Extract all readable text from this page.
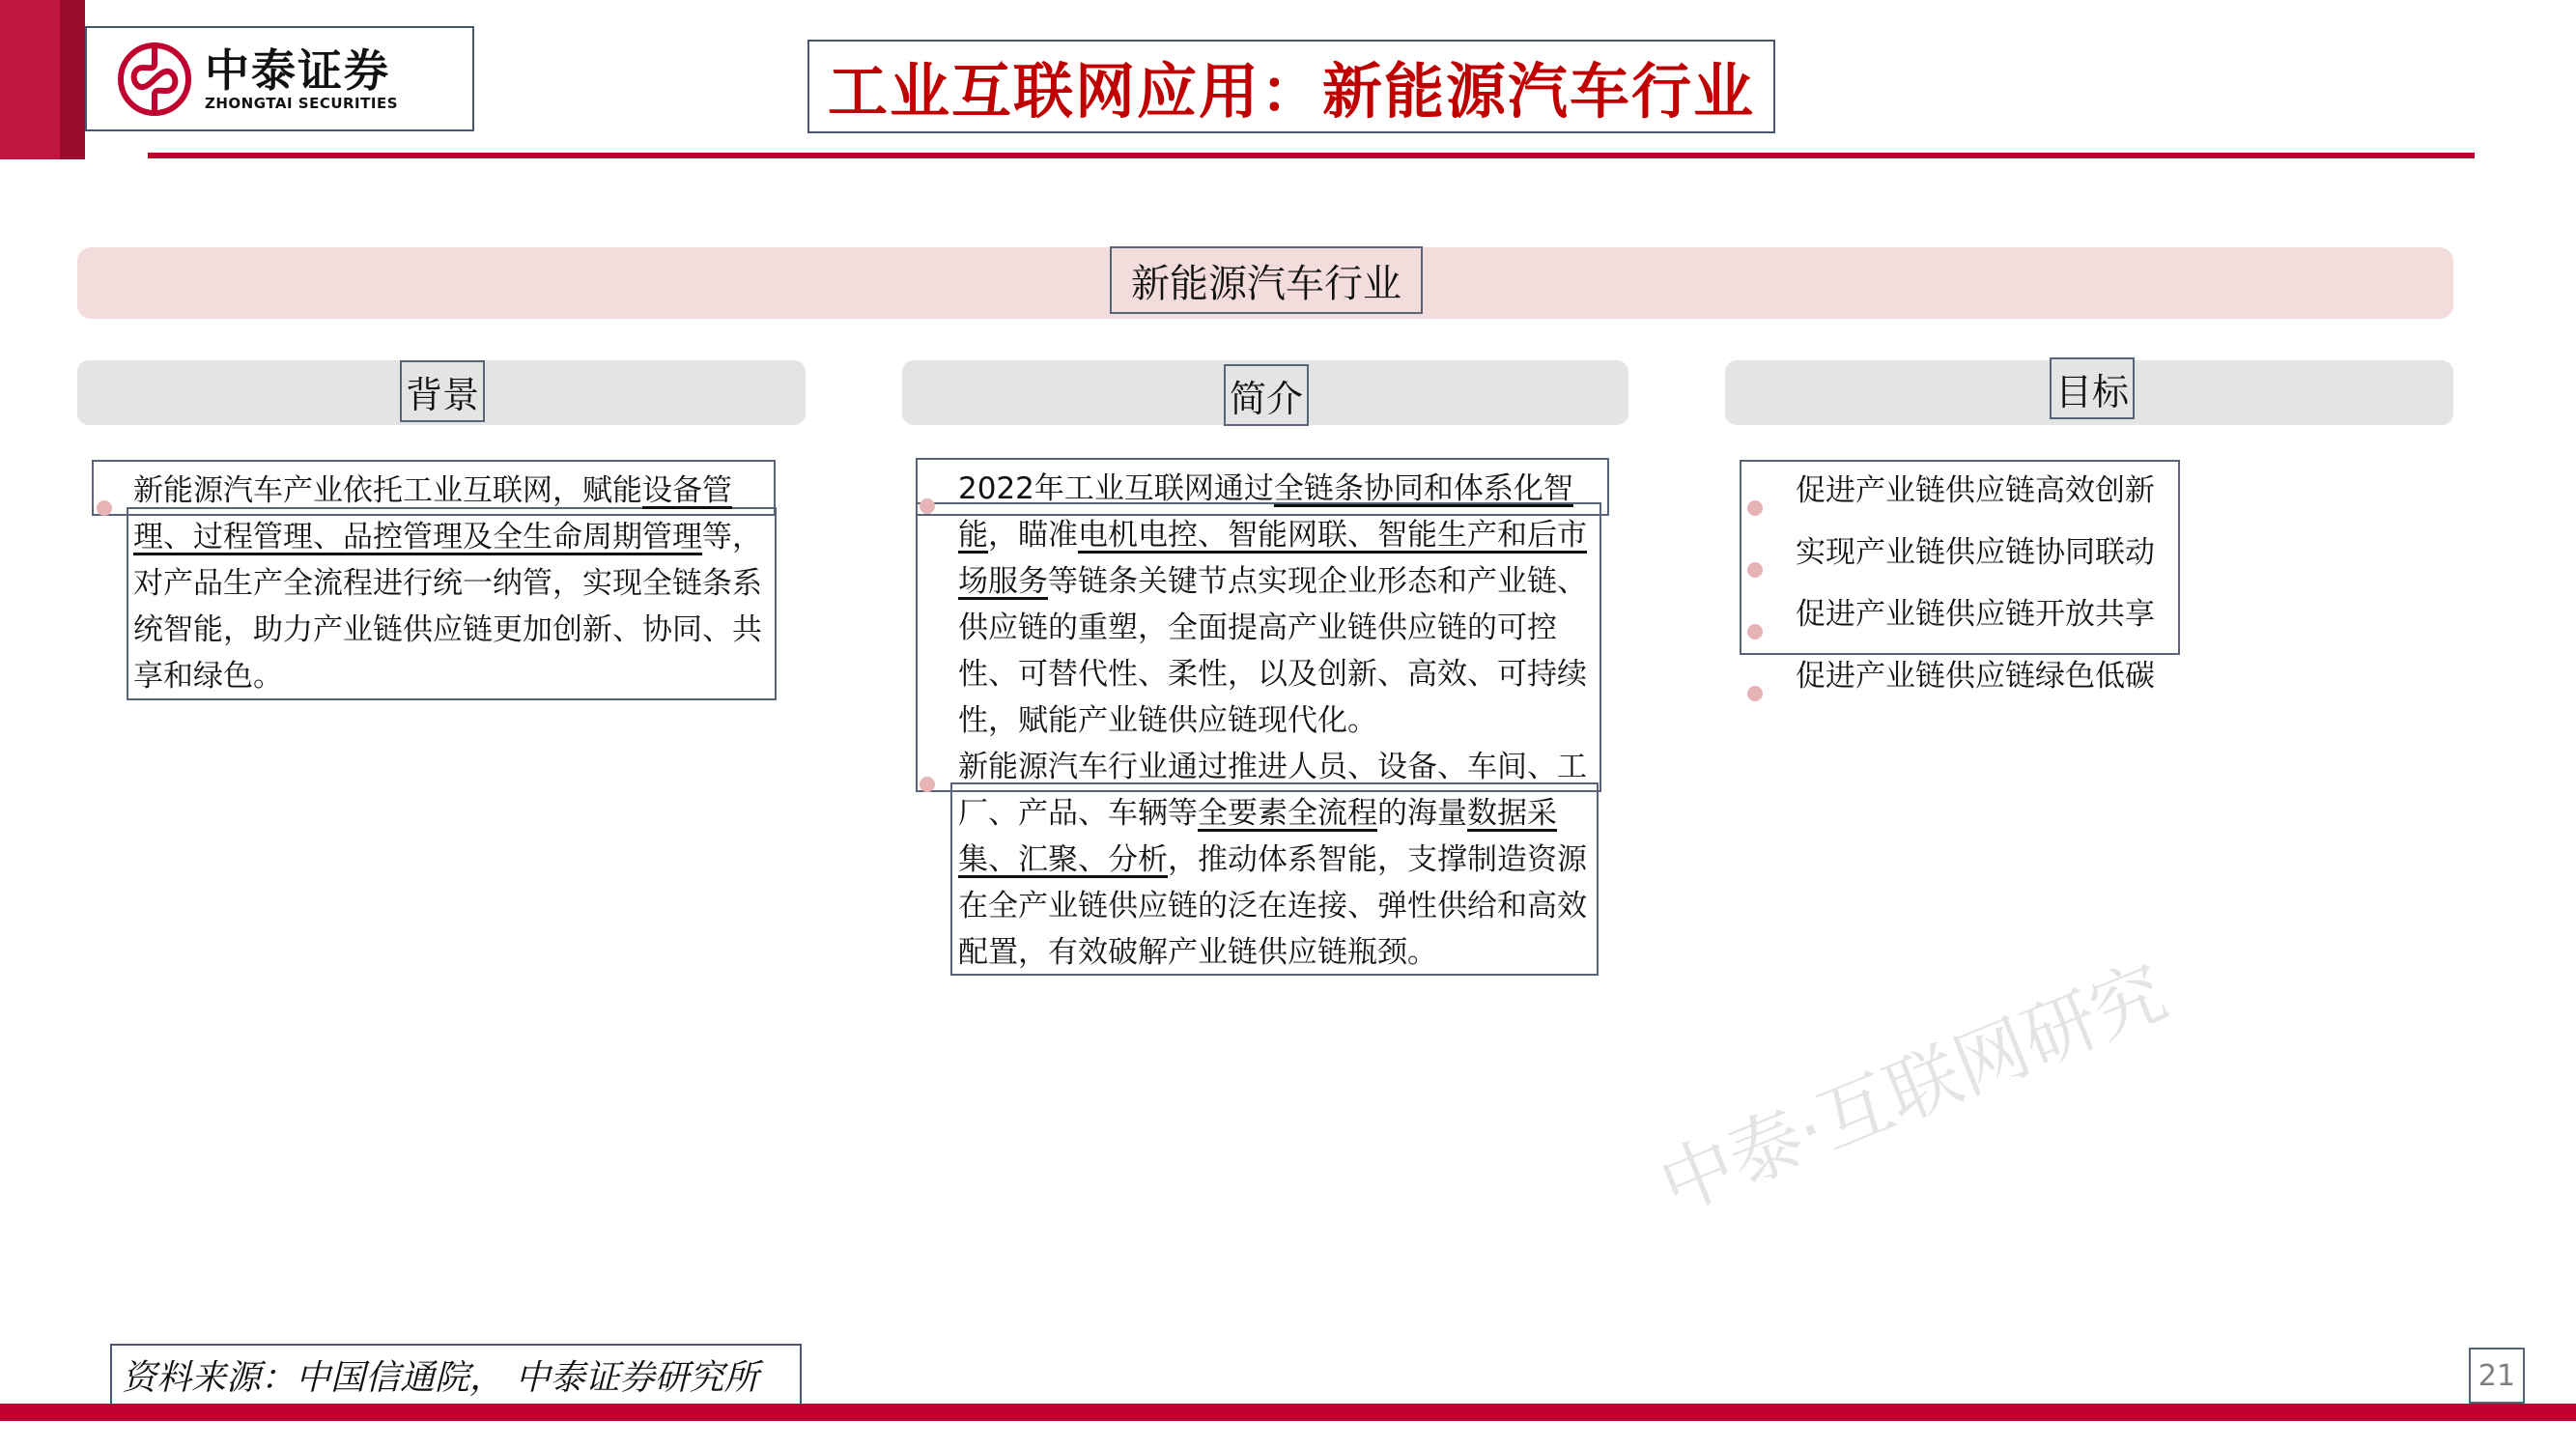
中泰证券
ZHONGTAI SECURITIES	工业互联网应用：新能源汽车行业
新能源汽车行业
背景	简介	目标
新能源汽车产业依托工业互联网，赋能设备管理、过程管理、品控管理及全生命周期管理等，对产品生产全流程进行统一纳管，实现全链条系统智能，助力产业链供应链更加创新、协同、共享和绿色。
2022年工业互联网通过全链条协同和体系化智能，瞄准电机电控、智能网联、智能生产和后市场服务等链条关键节点实现企业形态和产业链、供应链的重塑，全面提高产业链供应链的可控性、可替代性、柔性，以及创新、高效、可持续性，赋能产业链供应链现代化。
新能源汽车行业通过推进人员、设备、车间、工厂、产品、车辆等全要素全流程的海量数据采集、汇聚、分析，推动体系智能，支撑制造资源在全产业链供应链的泛在连接、弹性供给和高效配置，有效破解产业链供应链瓶颈。
促进产业链供应链高效创新
实现产业链供应链协同联动
促进产业链供应链开放共享
促进产业链供应链绿色低碳
中泰·互联网研究
资料来源：中国信通院， 中泰证券研究所	21
